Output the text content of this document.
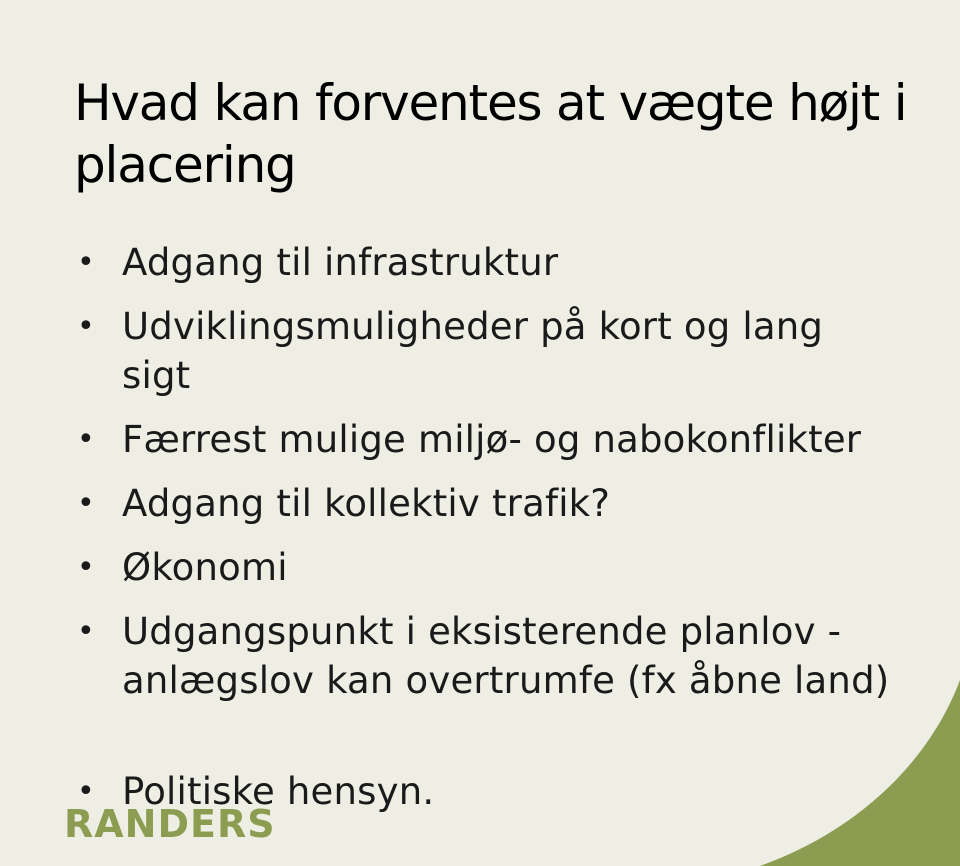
Hvad kan forventes at vægte højt i placering
• Adgang til infrastruktur
• Udviklingsmuligheder på kort og lang sigt
• Færrest mulige miljø- og nabokonflikter
• Adgang til kollektiv trafik?
• Økonomi
• Udgangspunkt i eksisterende planlov - anlægslov kan overtrumfe (fx åbne land)
• Politiske hensyn.
RANDERS
